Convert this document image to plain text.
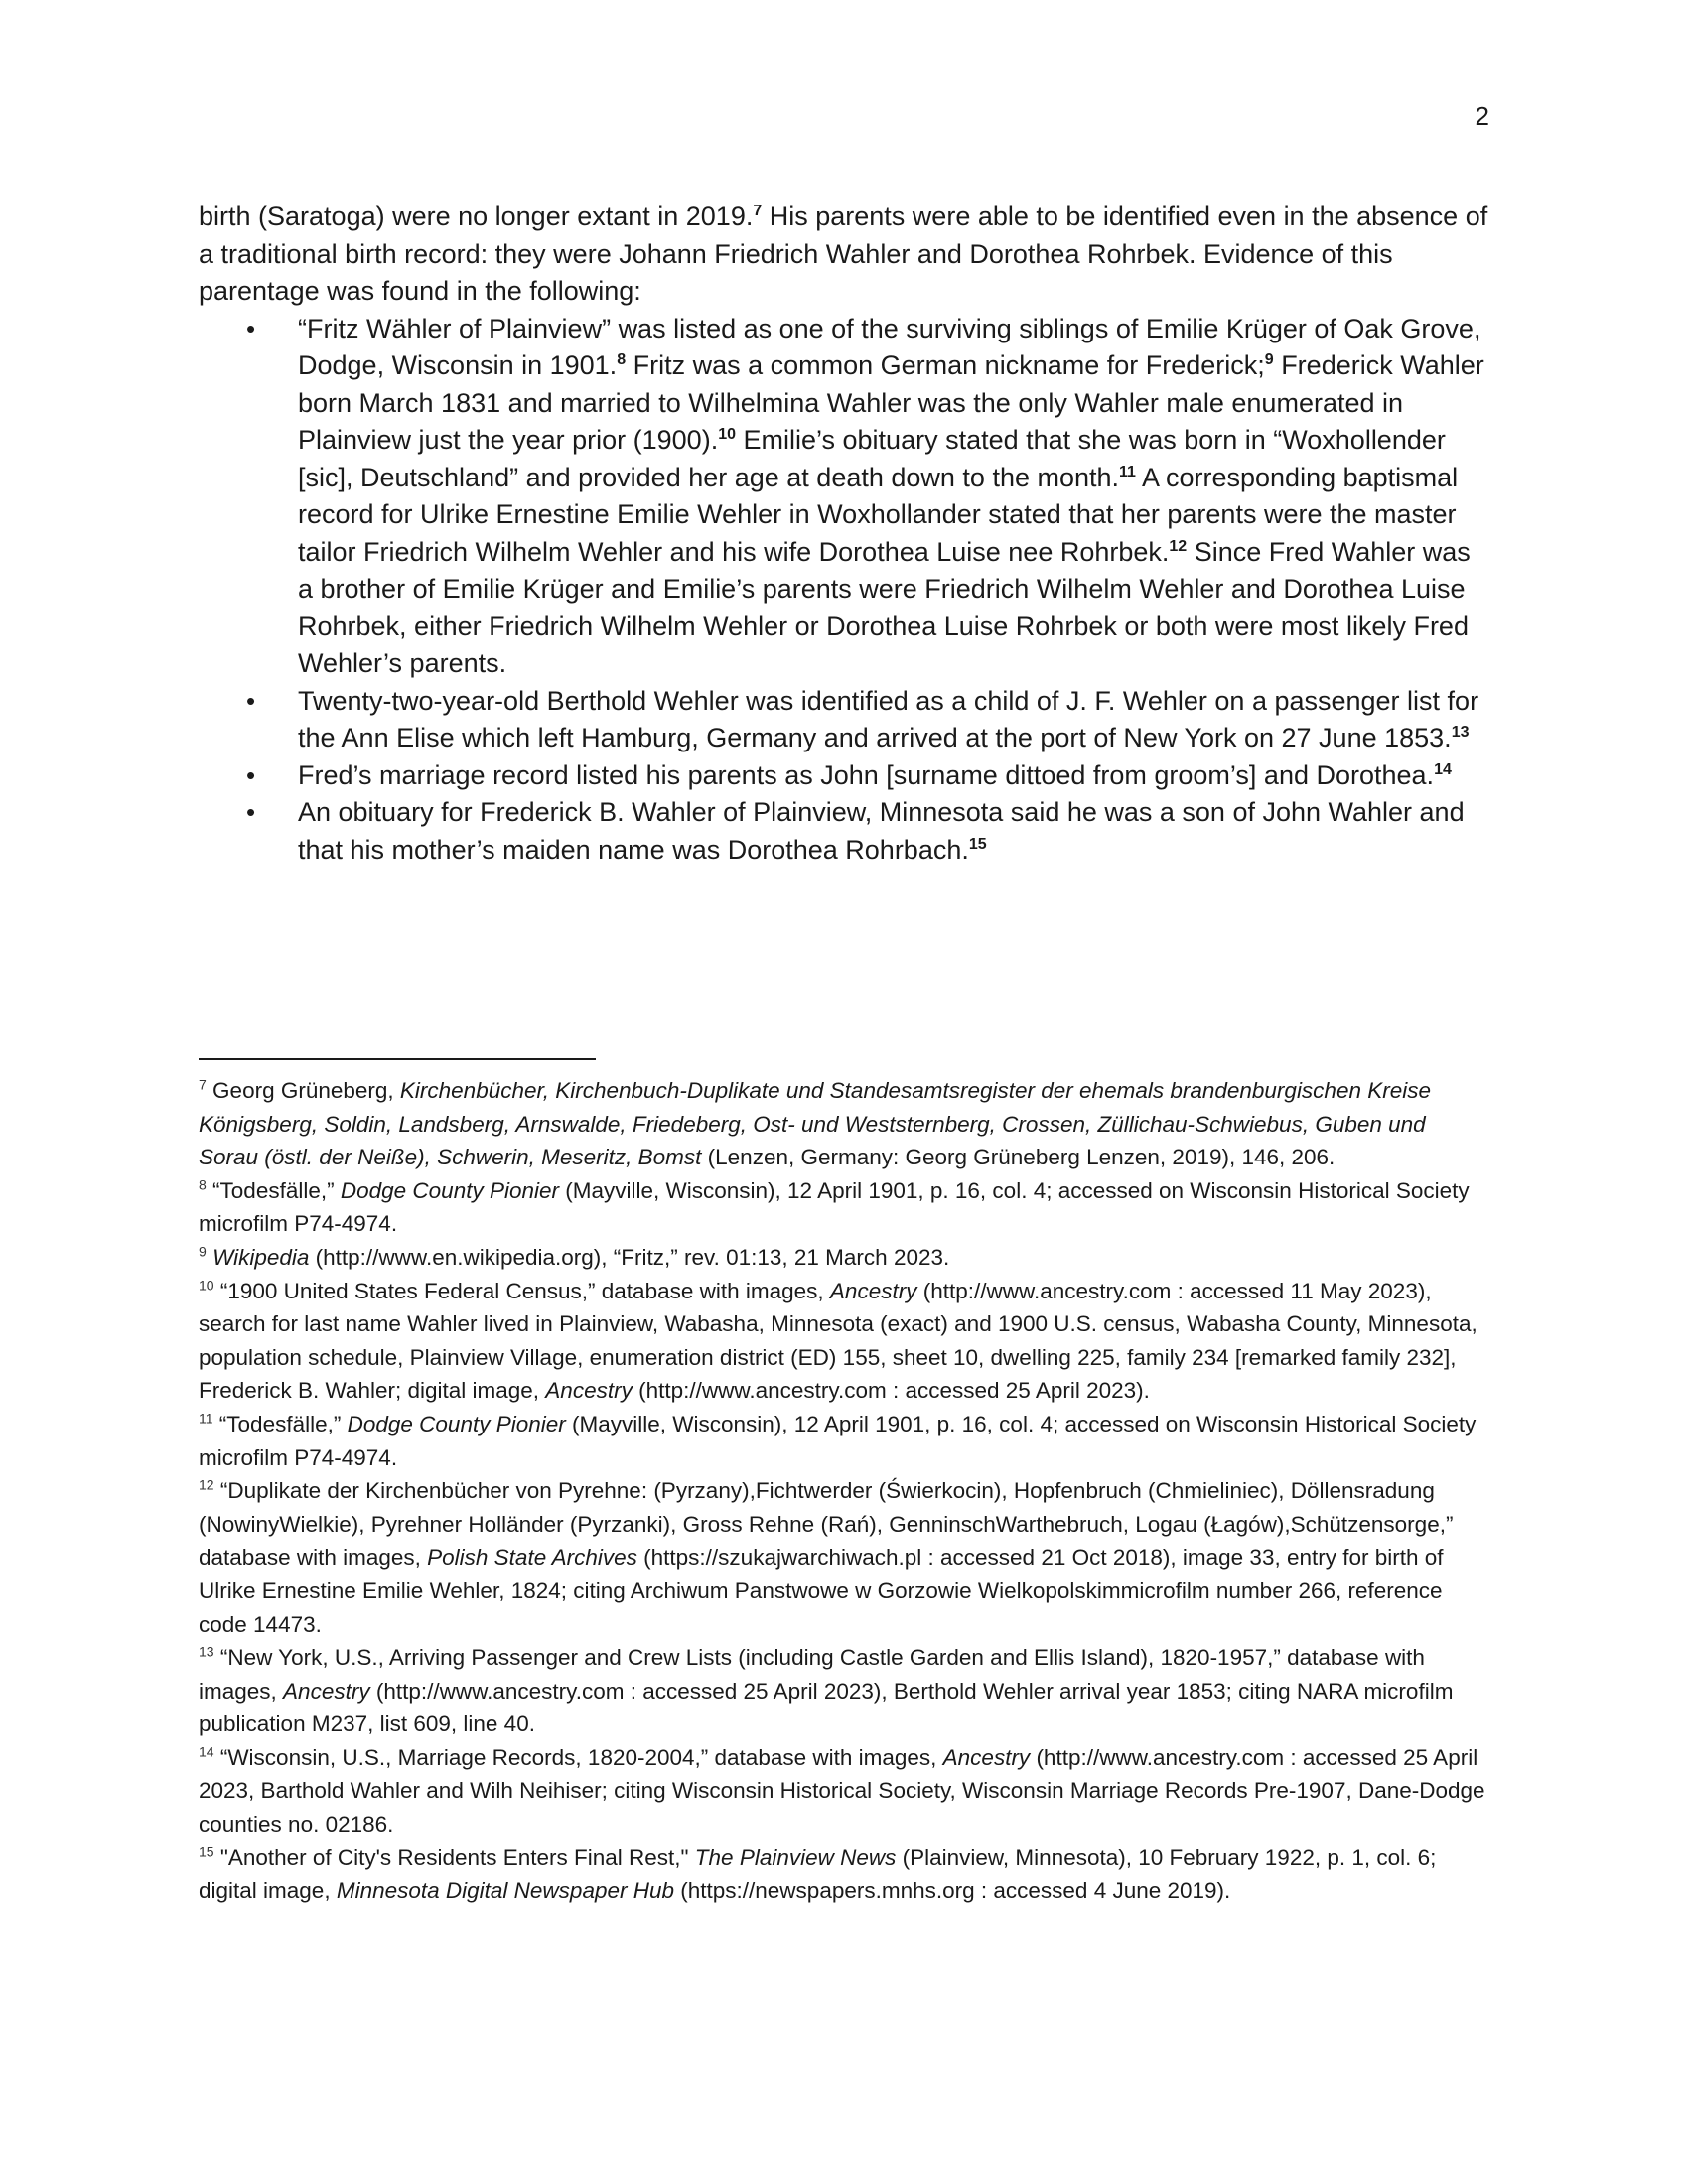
2

birth (Saratoga) were no longer extant in 2019.$^7$ His parents were able to be identified even in the absence of a traditional birth record: they were Johann Friedrich Wahler and Dorothea Rohrbek. Evidence of this parentage was found in the following:

• “Fritz Wähler of Plainview” was listed as one of the surviving siblings of Emilie Krüger of Oak Grove, Dodge, Wisconsin in 1901.$^8$ Fritz was a common German nickname for Frederick;$^9$ Frederick Wahler born March 1831 and married to Wilhelmina Wahler was the only Wahler male enumerated in Plainview just the year prior (1900).$^{10}$ Emilie’s obituary stated that she was born in “Woxhollender [sic], Deutschland” and provided her age at death down to the month.$^{11}$ A corresponding baptismal record for Ulrike Ernestine Emilie Wehler in Woxhollander stated that her parents were the master tailor Friedrich Wilhelm Wehler and his wife Dorothea Luise nee Rohrbek.$^{12}$ Since Fred Wahler was a brother of Emilie Krüger and Emilie’s parents were Friedrich Wilhelm Wehler and Dorothea Luise Rohrbek, either Friedrich Wilhelm Wehler or Dorothea Luise Rohrbek or both were most likely Fred Wehler’s parents.
• Twenty-two-year-old Berthold Wehler was identified as a child of J. F. Wehler on a passenger list for the Ann Elise which left Hamburg, Germany and arrived at the port of New York on 27 June 1853.13
• Fred’s marriage record listed his parents as John [surname dittoed from groom’s] and Dorothea.$^{14}$
• An obituary for Frederick B. Wahler of Plainview, Minnesota said he was a son of John Wahler and that his mother’s maiden name was Dorothea Rohrbach.$^{15}$

$^7$ Georg Grüneberg, Kirchenbücher, Kirchenbuch-Duplikate und Standesamtsregister der ehemals brandenburgischen Kreise Königsberg, Soldin, Landsberg, Arnswalde, Friedeberg, Ost- und Weststernberg, Crossen, Züllichau-Schwiebus, Guben und Sorau (östl. der Neiße), Schwerin, Meseritz, Bomst (Lenzen, Germany: Georg Grüneberg Lenzen, 2019), 146, 206.

$^8$ “Todesfälle,” Dodge County Pionier (Mayville, Wisconsin), 12 April 1901, p. 16, col. 4; accessed on Wisconsin Historical Society microfilm P74-4974.

$^9$ Wikipedia (http://www.en.wikipedia.org), “Fritz,” rev. 01:13, 21 March 2023.

$^{10}$ “1900 United States Federal Census,” database with images, Ancestry (http://www.ancestry.com : accessed 11 May 2023), search for last name Wahler lived in Plainview, Wabasha, Minnesota (exact) and 1900 U.S. census, Wabasha County, Minnesota, population schedule, Plainview Village, enumeration district (ED) 155, sheet 10, dwelling 225, family 234 [remarked family 232], Frederick B. Wahler; digital image, Ancestry (http://www.ancestry.com : accessed 25 April 2023).

$^{11}$ “Todesfälle,” Dodge County Pionier (Mayville, Wisconsin), 12 April 1901, p. 16, col. 4; accessed on Wisconsin Historical Society microfilm P74-4974.

$^{12}$ “Duplikate der Kirchenbücher von Pyrehne: (Pyrzany),Fichtwerder (Świerkocin), Hopfenbruch (Chmieliniec), Döllensradung (NowinyWielkie), Pyrehner Holländer (Pyrzanki), Gross Rehne (Rań), GenninschWarthebruch, Logau (Łagów),Schützensorge,” database with images, Polish State Archives (https://szukajwarchiwach.pl : accessed 21 Oct 2018), image 33, entry for birth of Ulrike Ernestine Emilie Wehler, 1824; citing Archiwum Panstwowe w Gorzowie Wielkopolskimmicrofilm number 266, reference code 14473.

$^{13}$ “New York, U.S., Arriving Passenger and Crew Lists (including Castle Garden and Ellis Island), 1820-1957,” database with images, Ancestry (http://www.ancestry.com : accessed 25 April 2023), Berthold Wehler arrival year 1853; citing NARA microfilm publication M237, list 609, line 40.

$^{14}$ “Wisconsin, U.S., Marriage Records, 1820-2004,” database with images, Ancestry (http://www.ancestry.com : accessed 25 April 2023, Barthold Wahler and Wilh Neihiser; citing Wisconsin Historical Society, Wisconsin Marriage Records Pre-1907, Dane-Dodge counties no. 02186.

$^{15}$ "Another of City's Residents Enters Final Rest," The Plainview News (Plainview, Minnesota), 10 February 1922, p. 1, col. 6; digital image, Minnesota Digital Newspaper Hub (https://newspapers.mnhs.org : accessed 4 June 2019).
